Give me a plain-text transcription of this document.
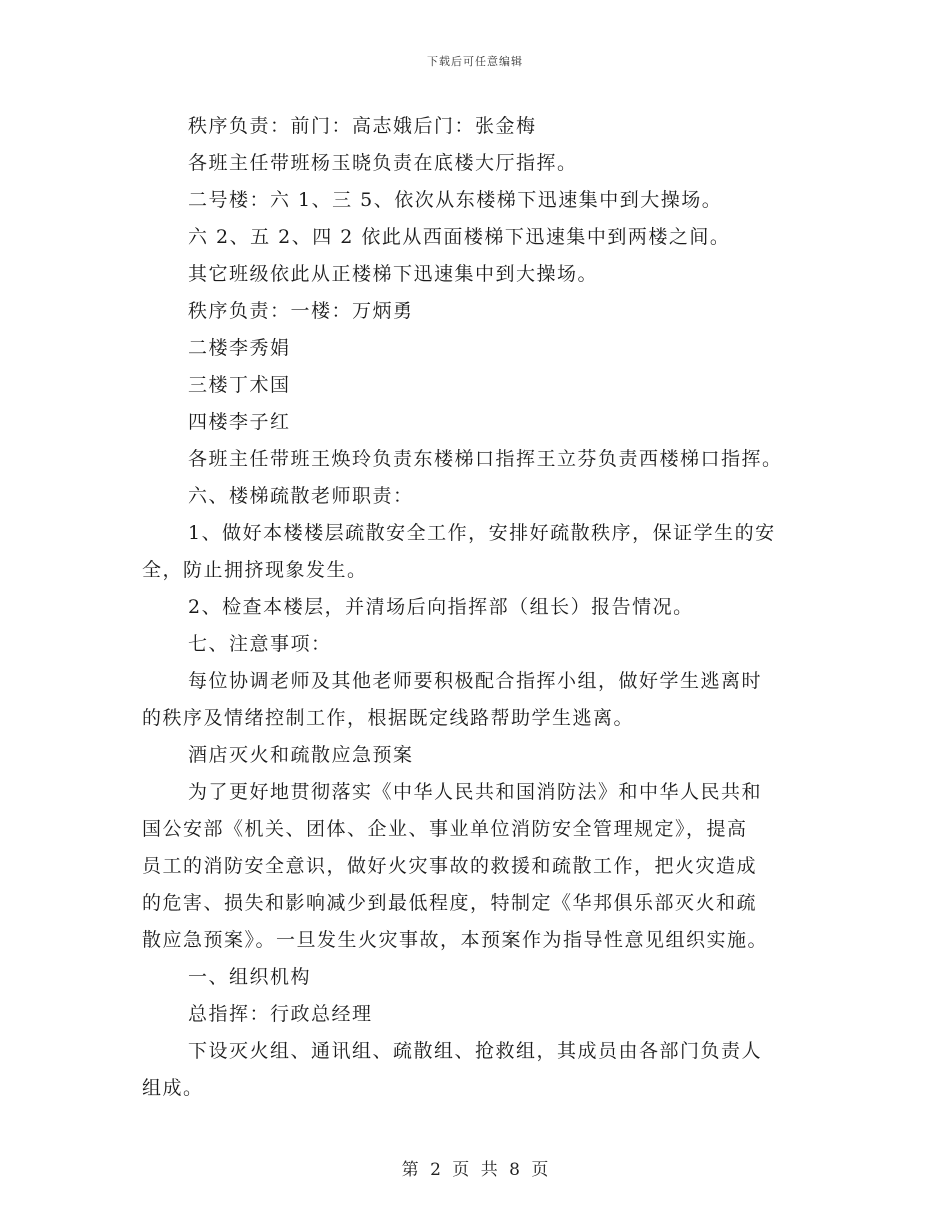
下载后可任意编辑
秩序负责：前门：高志娥后门：张金梅
各班主任带班杨玉晓负责在底楼大厅指挥。
二号楼：六 1、三 5、依次从东楼梯下迅速集中到大操场。
六 2、五 2、四 2 依此从西面楼梯下迅速集中到两楼之间。
其它班级依此从正楼梯下迅速集中到大操场。
秩序负责：一楼：万炳勇
二楼李秀娟
三楼丁术国
四楼李子红
各班主任带班王焕玲负责东楼梯口指挥王立芬负责西楼梯口指挥。
六、楼梯疏散老师职责：
1、做好本楼楼层疏散安全工作，安排好疏散秩序，保证学生的安
全，防止拥挤现象发生。
2、检查本楼层，并清场后向指挥部（组长）报告情况。
七、注意事项：
每位协调老师及其他老师要积极配合指挥小组，做好学生逃离时
的秩序及情绪控制工作，根据既定线路帮助学生逃离。
酒店灭火和疏散应急预案
为了更好地贯彻落实《中华人民共和国消防法》和中华人民共和
国公安部《机关、团体、企业、事业单位消防安全管理规定》，提高
员工的消防安全意识，做好火灾事故的救援和疏散工作，把火灾造成
的危害、损失和影响减少到最低程度，特制定《华邦俱乐部灭火和疏
散应急预案》。一旦发生火灾事故，本预案作为指导性意见组织实施。
一、组织机构
总指挥：行政总经理
下设灭火组、通讯组、疏散组、抢救组，其成员由各部门负责人
组成。
第 2 页 共 8 页
